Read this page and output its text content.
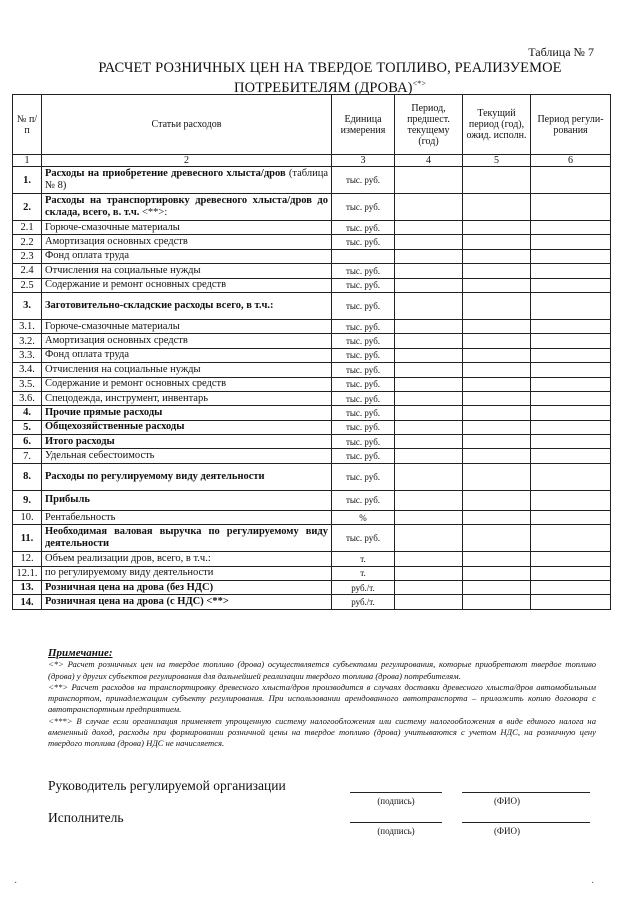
Таблица № 7
РАСЧЕТ РОЗНИЧНЫХ ЦЕН НА ТВЕРДОЕ ТОПЛИВО, РЕАЛИЗУЕМОЕ
ПОТРЕБИТЕЛЯМ (ДРОВА)<*>
№ п/п	Статьи расходов	Единица измерения	Период, предшест. текущему (год)	Текущий период (год), ожид. исполн.	Период регули-рования
1	2	3	4	5	6
1.	Расходы на приобретение древесного хлыста/дров (таблица № 8)	тыс. руб.			
2.	Расходы на транспортировку древесного хлыста/дров до склада, всего, в. т.ч. <**>:	тыс. руб.			
2.1	Горюче-смазочные материалы	тыс. руб.			
2.2	Амортизация основных средств	тыс. руб.			
2.3	Фонд оплата труда				
2.4	Отчисления на социальные нужды	тыс. руб.			
2.5	Содержание и ремонт основных средств	тыс. руб.			
3.	Заготовительно-складские расходы всего, в т.ч.:	тыс. руб.			
3.1.	Горюче-смазочные материалы	тыс. руб.			
3.2.	Амортизация основных средств	тыс. руб.			
3.3.	Фонд оплата труда	тыс. руб.			
3.4.	Отчисления на социальные нужды	тыс. руб.			
3.5.	Содержание и ремонт основных средств	тыс. руб.			
3.6.	Спецодежда, инструмент, инвентарь	тыс. руб.			
4.	Прочие прямые расходы	тыс. руб.			
5.	Общехозяйственные расходы	тыс. руб.			
6.	Итого расходы	тыс. руб.			
7.	Удельная себестоимость	тыс. руб.			
8.	Расходы по регулируемому виду деятельности	тыс. руб.			
9.	Прибыль	тыс. руб.			
10.	Рентабельность	%			
11.	Необходимая валовая выручка по регулируемому виду деятельности	тыс. руб.			
12.	Объем реализации дров, всего, в т.ч.:	т.			
12.1.	по регулируемому виду деятельности	т.			
13.	Розничная цена на дрова (без НДС)	руб./т.			
14.	Розничная цена на дрова (с НДС) <**>	руб./т.			
Примечание:

<*> Расчет розничных цен на твердое топливо (дрова) осуществляется субъектами регулирования, которые приобретают твердое топливо (дрова) у других субъектов регулирования для дальнейшей реализации твердого топлива (дрова) потребителям.

<**> Расчет расходов на транспортировку древесного хлыста/дров производится в случаях доставки древесного хлыста/дров автомобильным транспортом, принадлежащим субъекту регулирования. При использовании арендованного автотранспорта – приложить копию договора с автотранспортным предприятием.

<***> В случае если организация применяет упрощенную систему налогообложения или систему налогообложения в виде единого налога на вмененный доход, расходы при формировании розничной цены на твердое топливо (дрова) учитываются с учетом НДС, на розничную цену твердого топлива (дрова) НДС не начисляется.

Руководитель регулируемой организации
(подпись)	(ФИО)
Исполнитель
(подпись)	(ФИО)
·	·
